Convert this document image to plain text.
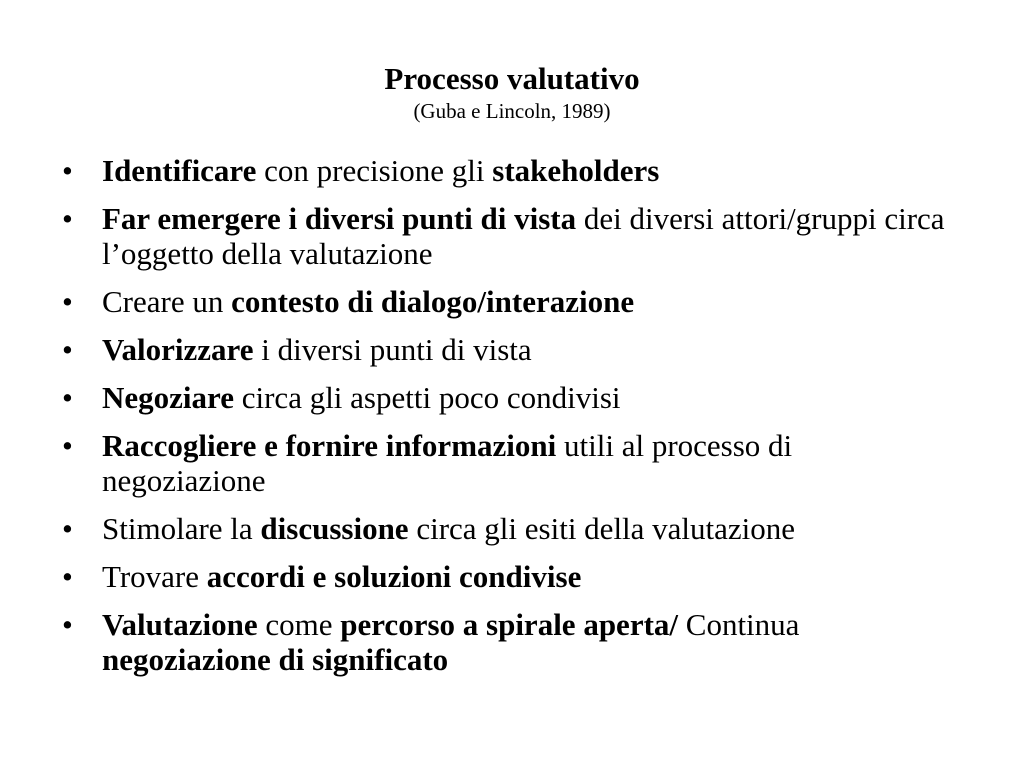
Processo valutativo

(Guba e Lincoln, 1989)

• Identificare con precisione gli stakeholders
• Far emergere i diversi punti di vista dei diversi attori/gruppi circa l’oggetto della valutazione
• Creare un contesto di dialogo/interazione
• Valorizzare i diversi punti di vista
• Negoziare circa gli aspetti poco condivisi
• Raccogliere e fornire informazioni utili al processo di negoziazione
• Stimolare la discussione circa gli esiti della valutazione
• Trovare accordi e soluzioni condivise
• Valutazione come percorso a spirale aperta/ Continua negoziazione di significato
